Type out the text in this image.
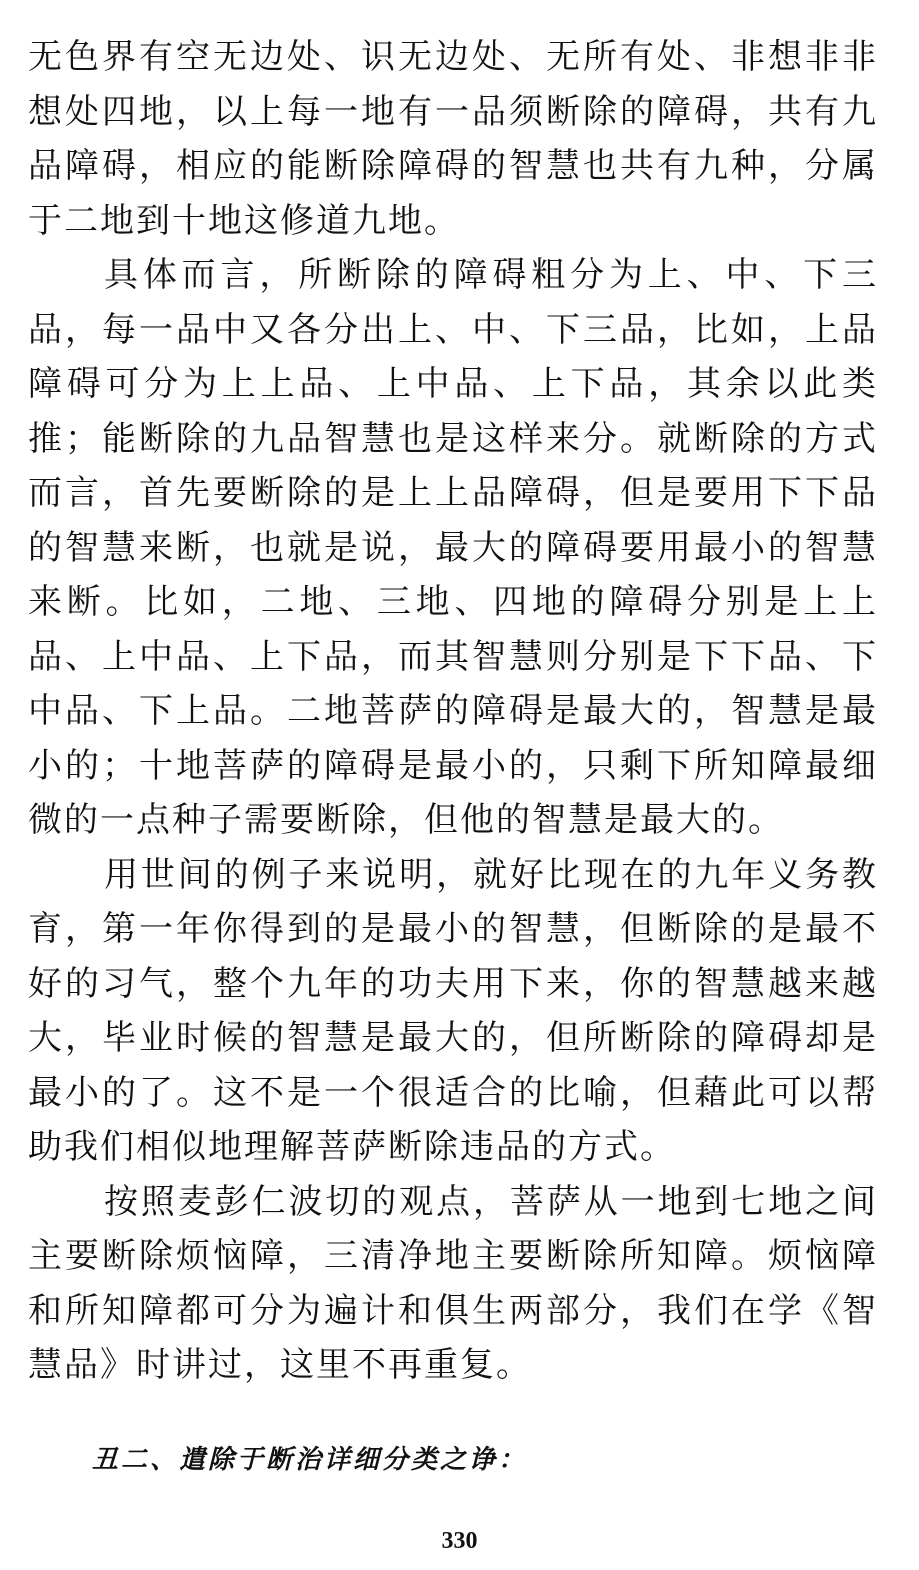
无色界有空无边处、识无边处、无所有处、非想非非想处四地，以上每一地有一品须断除的障碍，共有九品障碍，相应的能断除障碍的智慧也共有九种，分属于二地到十地这修道九地。

具体而言，所断除的障碍粗分为上、中、下三品，每一品中又各分出上、中、下三品，比如，上品障碍可分为上上品、上中品、上下品，其余以此类推；能断除的九品智慧也是这样来分。就断除的方式而言，首先要断除的是上上品障碍，但是要用下下品的智慧来断，也就是说，最大的障碍要用最小的智慧来断。比如，二地、三地、四地的障碍分别是上上品、上中品、上下品，而其智慧则分别是下下品、下中品、下上品。二地菩萨的障碍是最大的，智慧是最小的；十地菩萨的障碍是最小的，只剩下所知障最细微的一点种子需要断除，但他的智慧是最大的。

用世间的例子来说明，就好比现在的九年义务教育，第一年你得到的是最小的智慧，但断除的是最不好的习气，整个九年的功夫用下来，你的智慧越来越大，毕业时候的智慧是最大的，但所断除的障碍却是最小的了。这不是一个很适合的比喻，但藉此可以帮助我们相似地理解菩萨断除违品的方式。

按照麦彭仁波切的观点，菩萨从一地到七地之间主要断除烦恼障，三清净地主要断除所知障。烦恼障和所知障都可分为遍计和俱生两部分，我们在学《智慧品》时讲过，这里不再重复。

丑二、遣除于断治详细分类之诤：
330
